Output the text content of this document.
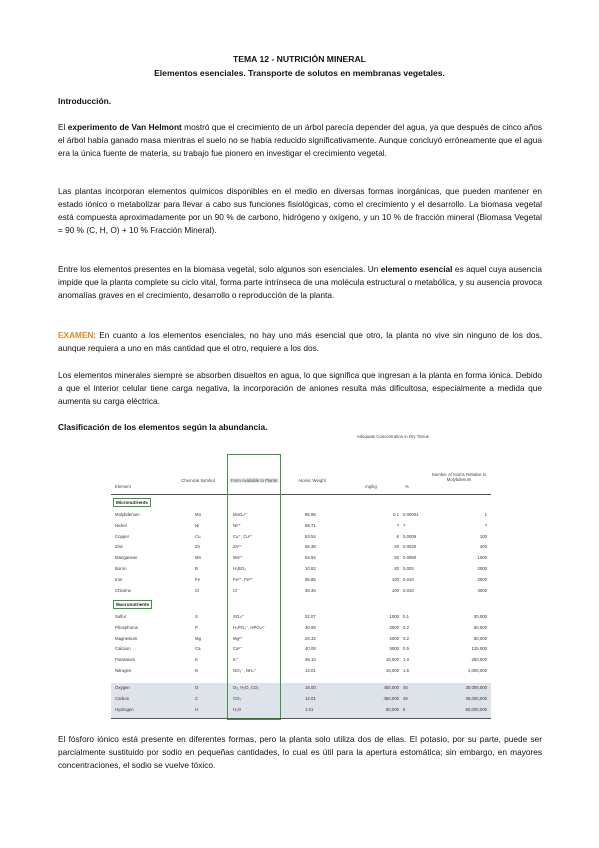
TEMA 12 - NUTRICIÓN MINERAL
Elementos esenciales. Transporte de solutos en membranas vegetales.
Introducción.
El experimento de Van Helmont mostró que el crecimiento de un árbol parecía depender del agua, ya que después de cinco años el árbol había ganado masa mientras el suelo no se había reducido significativamente. Aunque concluyó erróneamente que el agua era la única fuente de materia, su trabajo fue pionero en investigar el crecimiento vegetal.
Las plantas incorporan elementos químicos disponibles en el medio en diversas formas inorgánicas, que pueden mantener en estado iónico o metabolizar para llevar a cabo sus funciones fisiológicas, como el crecimiento y el desarrollo. La biomasa vegetal está compuesta aproximadamente por un 90 % de carbono, hidrógeno y oxígeno, y un 10 % de fracción mineral (Biomasa Vegetal = 90 % (C, H, O) + 10 % Fracción Mineral).
Entre los elementos presentes en la biomasa vegetal, solo algunos son esenciales. Un elemento esencial es aquel cuya ausencia impide que la planta complete su ciclo vital, forma parte intrínseca de una molécula estructural o metabólica, y su ausencia provoca anomalías graves en el crecimiento, desarrollo o reproducción de la planta.
EXAMEN: En cuanto a los elementos esenciales, no hay uno más esencial que otro, la planta no vive sin ninguno de los dos, aunque requiera a uno en más cantidad que el otro, requiere a los dos.
Los elementos minerales siempre se absorben disueltos en agua, lo que significa que ingresan a la planta en forma iónica. Debido a que el interior celular tiene carga negativa, la incorporación de aniones resulta más dificultosa, especialmente a medida que aumenta su carga eléctrica.
Clasificación de los elementos según la abundancia.
Element
Chemical Symbol	Form Available to Plants	Atomic Weight
Adequate Concentration in Dry Tissue
mg/kg	%
Number of Atoms Relative to Molybdenum
Micronutrients
Molybdenum	Mo	MoO₄²⁻	95.95	0.1 0.00001	1
Nickel	Ni	Ni²⁺	58.71	? ?	?
Copper	Cu	Cu⁺, Cu²⁺	63.54	6 0.0006	100
Zinc	Zn	Zn²⁺	65.38	20 0.0020	300
Manganese	Mn	Mn²⁺	54.94	50 0.0050	1000
Boron	B	H₃BO₃	10.82	20 0.002	2000
Iron	Fe	Fe³⁺, Fe²⁺	55.85	100 0.010	2000
Chlorine	Cl	Cl⁻	35.46	100 0.010	3000
Macronutrients
Sulfur	S	SO₄²⁻	32.07	1000 0.1	30,000
Phosphorus	P	H₂PO₄⁻, HPO₄²⁻	30.98	2000 0.2	60,000
Magnesium	Mg	Mg²⁺	24.32	2000 0.2	80,000
Calcium	Ca	Ca²⁺	40.08	5000 0.5	125,000
Potassium	K	K⁺	39.10	10,000 1.0	250,000
Nitrogen	N	NO₃⁻, NH₄⁺	14.01	15,000 1.5	1,000,000
Oxygen	O	O₂, H₂O, CO₂	16.00	450,000 45	30,000,000
Carbon	C	CO₂	12.01	450,000 45	35,000,000
Hydrogen	H	H₂O	1.01	60,000 6	60,000,000
El fósforo iónico está presente en diferentes formas, pero la planta solo utiliza dos de ellas. El potasio, por su parte, puede ser parcialmente sustituido por sodio en pequeñas cantidades, lo cual es útil para la apertura estomática; sin embargo, en mayores concentraciones, el sodio se vuelve tóxico.
